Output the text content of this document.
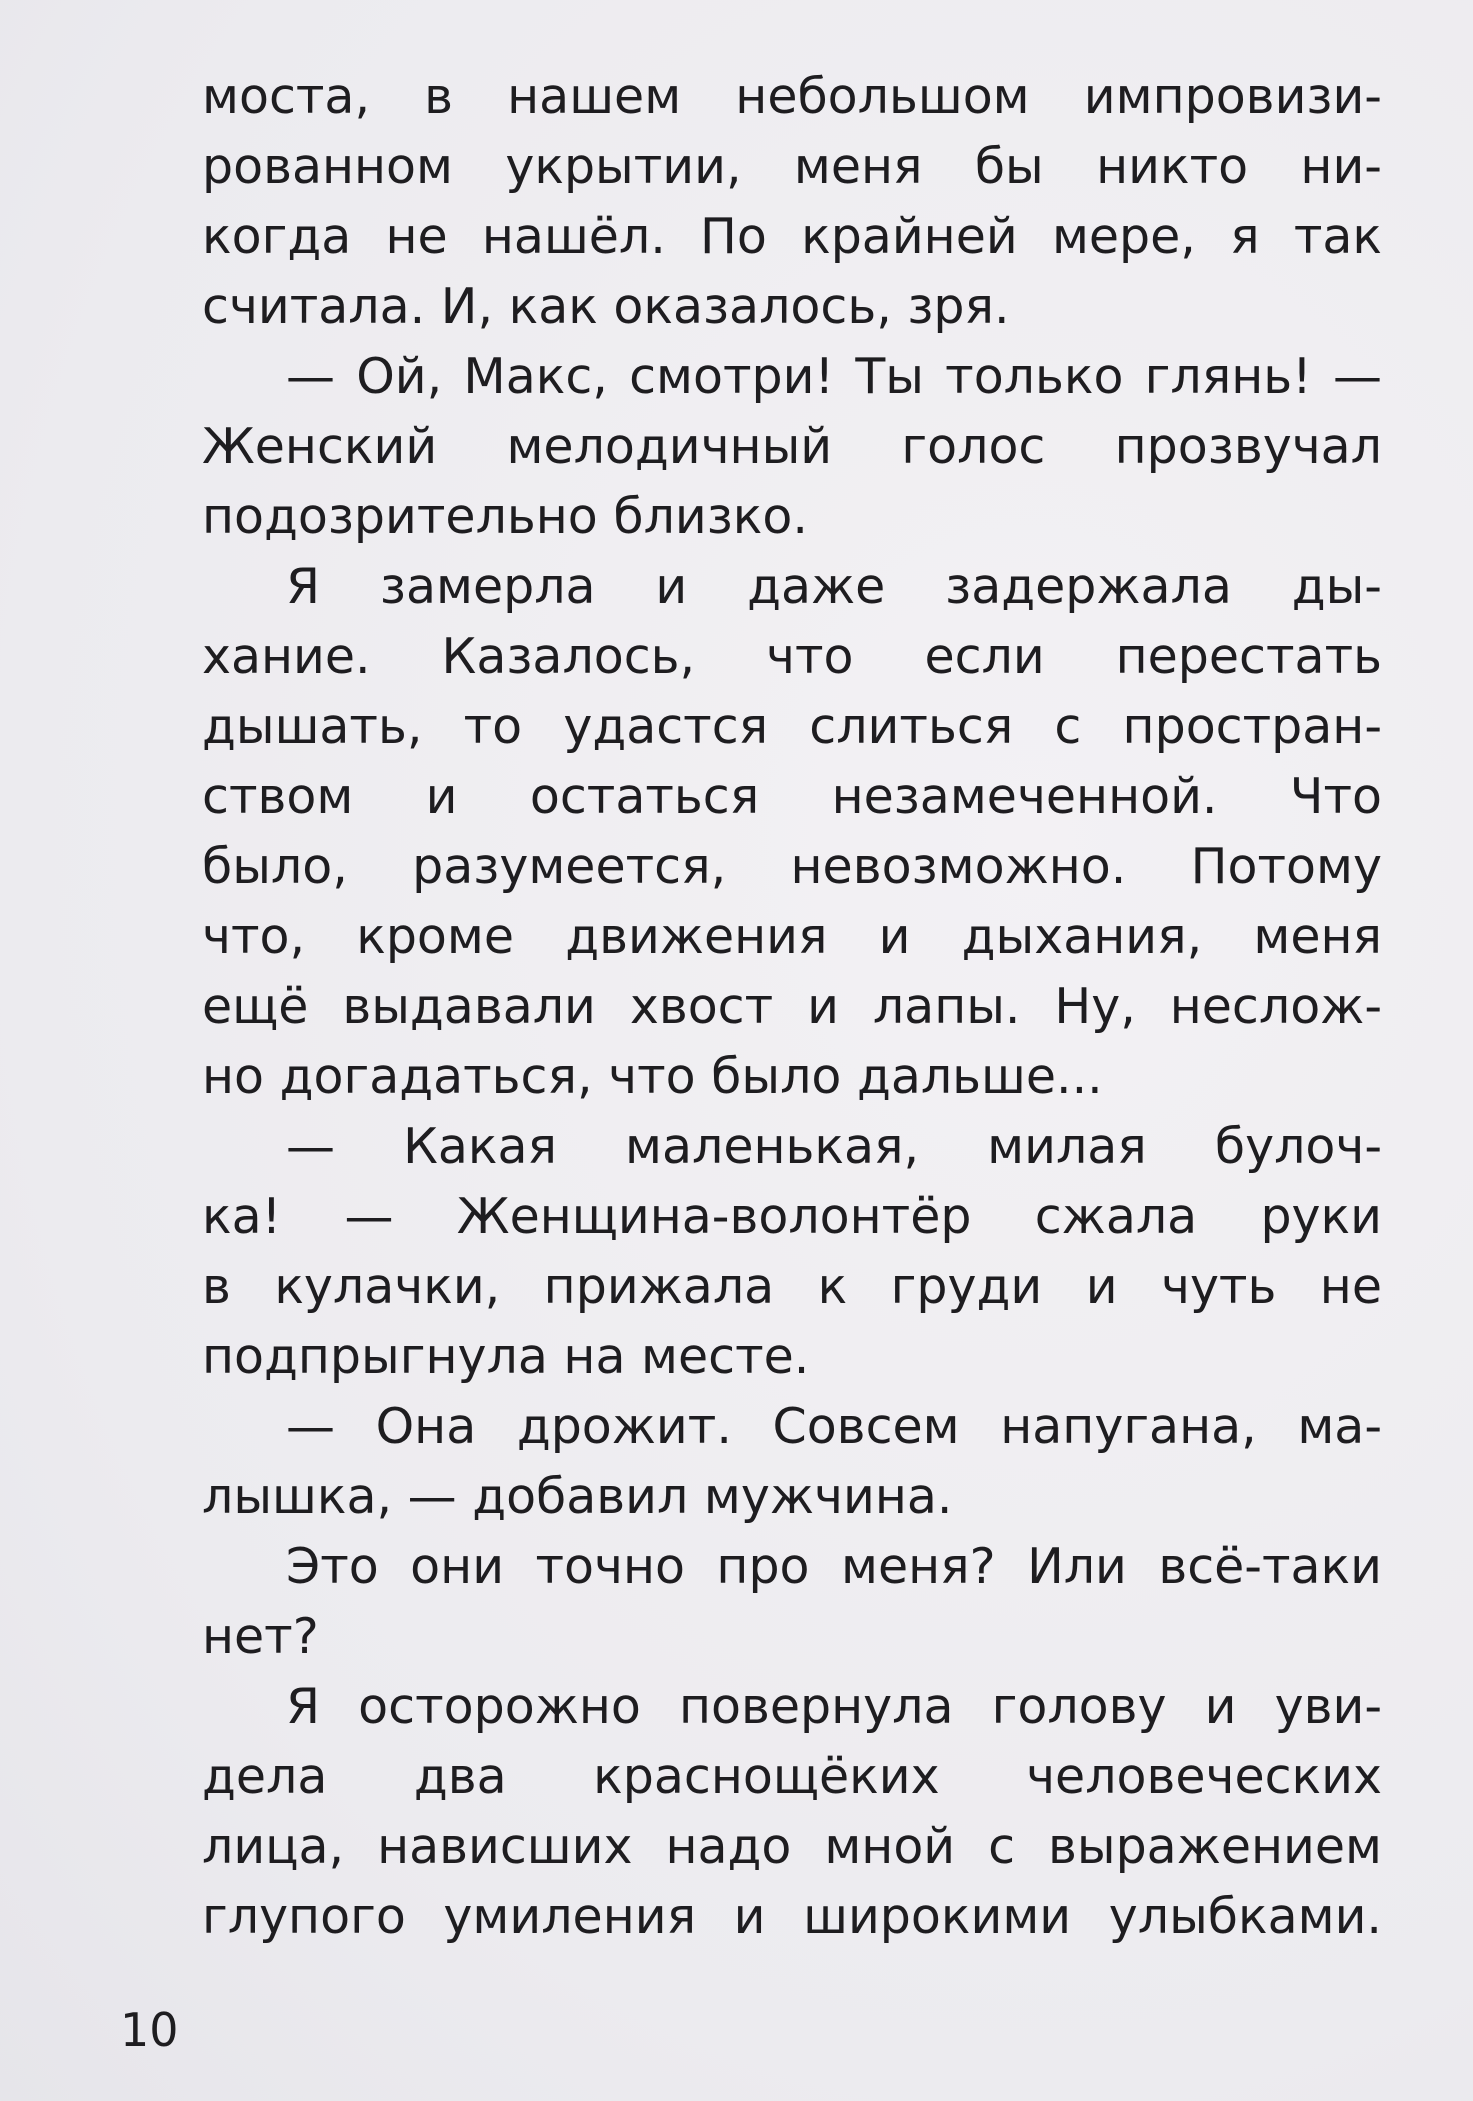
моста, в нашем небольшом импровизи-
рованном укрытии, меня бы никто ни-
когда не нашёл. По крайней мере, я так
считала. И, как оказалось, зря.
— Ой, Макс, смотри! Ты только глянь! —
Женский мелодичный голос прозвучал
подозрительно близко.
Я замерла и даже задержала ды-
хание. Казалось, что если перестать
дышать, то удастся слиться с простран-
ством и остаться незамеченной. Что
было, разумеется, невозможно. Потому
что, кроме движения и дыхания, меня
ещё выдавали хвост и лапы. Ну, неслож-
но догадаться, что было дальше...
— Какая маленькая, милая булоч-
ка! — Женщина-волонтёр сжала руки
в кулачки, прижала к груди и чуть не
подпрыгнула на месте.
— Она дрожит. Совсем напугана, ма-
лышка, — добавил мужчина.
Это они точно про меня? Или всё-таки
нет?
Я осторожно повернула голову и уви-
дела два краснощёких человеческих
лица, нависших надо мной с выражением
глупого умиления и широкими улыбками.
10
